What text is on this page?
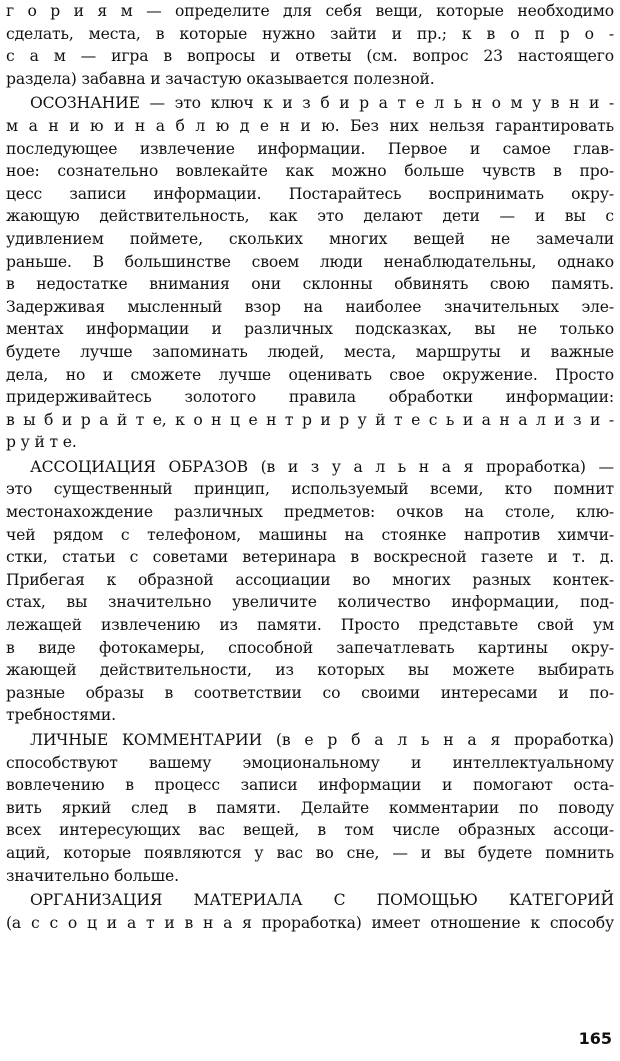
г о р и я м — определите для себя вещи, которые необходимо
сделать, места, в которые нужно зайти и пр.; к в о п р о -
с а м — игра в вопросы и ответы (см. вопрос 23 настоящего
раздела) забавна и зачастую оказывается полезной.
ОСОЗНАНИЕ — это ключ к и з б и р а т е л ь н о м у в н и -
м а н и ю и н а б л ю д е н и ю. Без них нельзя гарантировать
последующее извлечение информации. Первое и самое глав-
ное: сознательно вовлекайте как можно больше чувств в про-
цесс записи информации. Постарайтесь воспринимать окру-
жающую действительность, как это делают дети — и вы с
удивлением поймете, скольких многих вещей не замечали
раньше. В большинстве своем люди ненаблюдательны, однако
в недостатке внимания они склонны обвинять свою память.
Задерживая мысленный взор на наиболее значительных эле-
ментах информации и различных подсказках, вы не только
будете лучше запоминать людей, места, маршруты и важные
дела, но и сможете лучше оценивать свое окружение. Просто
придерживайтесь золотого правила обработки информации:
в ы б и р а й т е, к о н ц е н т р и р у й т е с ь и а н а л и з и -
р у й т е.
АССОЦИАЦИЯ ОБРАЗОВ (в и з у а л ь н а я проработка) —
это существенный принцип, используемый всеми, кто помнит
местонахождение различных предметов: очков на столе, клю-
чей рядом с телефоном, машины на стоянке напротив химчи-
стки, статьи с советами ветеринара в воскресной газете и т. д.
Прибегая к образной ассоциации во многих разных контек-
стах, вы значительно увеличите количество информации, под-
лежащей извлечению из памяти. Просто представьте свой ум
в виде фотокамеры, способной запечатлевать картины окру-
жающей действительности, из которых вы можете выбирать
разные образы в соответствии со своими интересами и по-
требностями.
ЛИЧНЫЕ КОММЕНТАРИИ (в е р б а л ь н а я проработка)
способствуют вашему эмоциональному и интеллектуальному
вовлечению в процесс записи информации и помогают оста-
вить яркий след в памяти. Делайте комментарии по поводу
всех интересующих вас вещей, в том числе образных ассоци-
аций, которые появляются у вас во сне, — и вы будете помнить
значительно больше.
ОРГАНИЗАЦИЯ МАТЕРИАЛА С ПОМОЩЬЮ КАТЕГОРИЙ
(а с с о ц и а т и в н а я проработка) имеет отношение к способу
165
